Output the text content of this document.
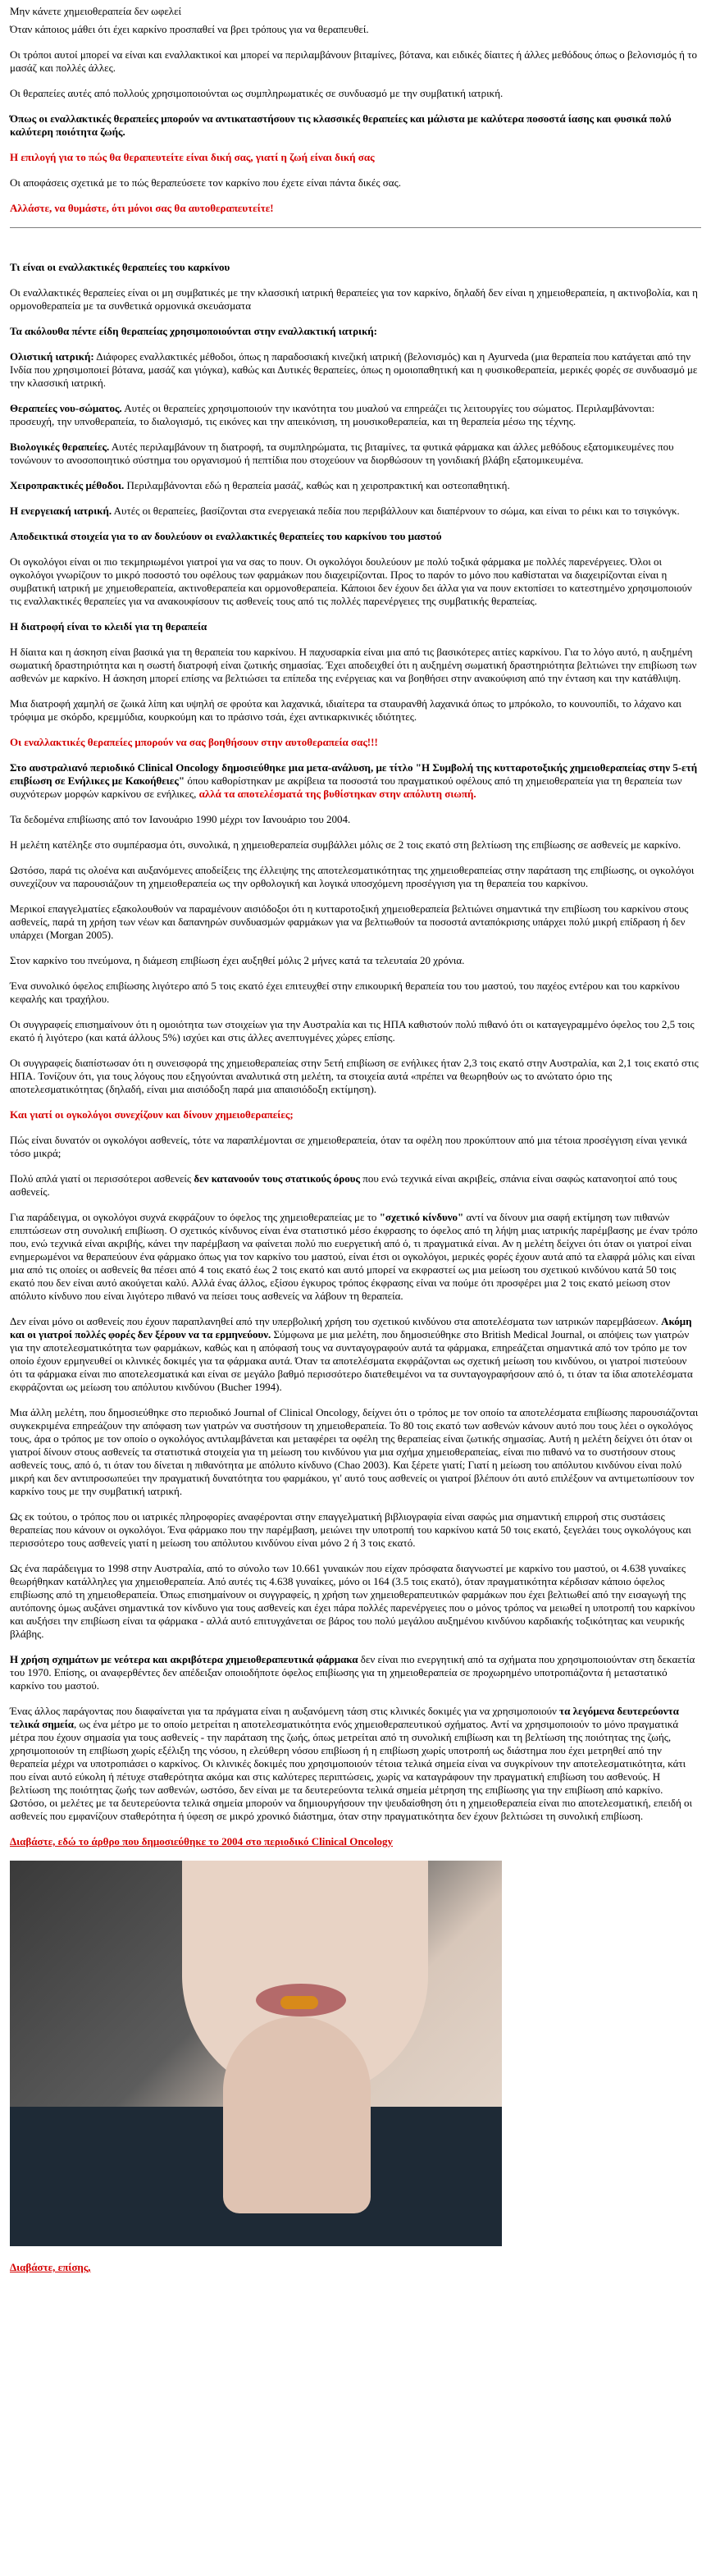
Μην κάνετε χημειοθεραπεία δεν ωφελεί

Όταν κάποιος μάθει ότι έχει καρκίνο προσπαθεί να βρει τρόπους για να θεραπευθεί.

Οι τρόποι αυτοί μπορεί να είναι και εναλλακτικοί και μπορεί να περιλαμβάνουν βιταμίνες, βότανα, και ειδικές δίαιτες ή άλλες μεθόδους όπως ο βελονισμός ή το μασάζ και πολλές άλλες.

Οι θεραπείες αυτές από πολλούς χρησιμοποιούνται ως συμπληρωματικές σε συνδυασμό με την συμβατική ιατρική.

Όπως οι εναλλακτικές θεραπείες μπορούν να αντικαταστήσουν τις κλασσικές θεραπείες και μάλιστα με καλύτερα ποσοστά ίασης και φυσικά πολύ καλύτερη ποιότητα ζωής.

Η επιλογή για το πώς θα θεραπευτείτε είναι δική σας, γιατί η ζωή είναι δική σας

Οι αποφάσεις σχετικά με το πώς θεραπεύσετε τον καρκίνο που έχετε είναι πάντα δικές σας.

Αλλάστε, να θυμάστε, ότι μόνοι σας θα αυτοθεραπευτείτε!

Τι είναι οι εναλλακτικές θεραπείες του καρκίνου

Οι εναλλακτικές θεραπείες είναι οι μη συμβατικές με την κλασσική ιατρική θεραπείες για τον καρκίνο, δηλαδή δεν είναι η χημειοθεραπεία, η ακτινοβολία, και η ορμονοθεραπεία με τα συνθετικά ορμονικά σκευάσματα

Τα ακόλουθα πέντε είδη θεραπείας χρησιμοποιούνται στην εναλλακτική ιατρική:

Ολιστική ιατρική: Διάφορες εναλλακτικές μέθοδοι, όπως η παραδοσιακή κινεζική ιατρική (βελονισμός) και η Ayurveda (μια θεραπεία που κατάγεται από την Ινδία που χρησιμοποιεί βότανα, μασάζ και γιόγκα), καθώς και Δυτικές θεραπείες, όπως η ομοιοπαθητική και η φυσικοθεραπεία, μερικές φορές σε συνδυασμό με την κλασσική ιατρική.

Θεραπείες νου-σώματος. Αυτές οι θεραπείες χρησιμοποιούν την ικανότητα του μυαλού να επηρεάζει τις λειτουργίες του σώματος. Περιλαμβάνονται: προσευχή, την υπνοθεραπεία, το διαλογισμό, τις εικόνες και την απεικόνιση, τη μουσικοθεραπεία, και τη θεραπεία μέσω της τέχνης.

Βιολογικές θεραπείες. Αυτές περιλαμβάνουν τη διατροφή, τα συμπληρώματα, τις βιταμίνες, τα φυτικά φάρμακα και άλλες μεθόδους εξατομικευμένες που τονώνουν το ανοσοποιητικό σύστημα του οργανισμού ή πεπτίδια που στοχεύουν να διορθώσουν τη γονιδιακή βλάβη εξατομικευμένα.

Χειροπρακτικές μέθοδοι. Περιλαμβάνονται εδώ η θεραπεία μασάζ, καθώς και η χειροπρακτική και οστεοπαθητική.

Η ενεργειακή ιατρική. Αυτές οι θεραπείες, βασίζονται στα ενεργειακά πεδία που περιβάλλουν και διαπέρνουν το σώμα, και είναι το ρέικι και το τσιγκόνγκ.

Αποδεικτικά στοιχεία για το αν δουλεύουν οι εναλλακτικές θεραπείες του καρκίνου του μαστού

Οι ογκολόγοι είναι οι πιο τεκμηριωμένοι γιατροί για να σας το πουν. Οι ογκολόγοι δουλεύουν με πολύ τοξικά φάρμακα με πολλές παρενέργειες. Όλοι οι ογκολόγοι γνωρίζουν το μικρό ποσοστό του οφέλους των φαρμάκων που διαχειρίζονται. Προς το παρόν το μόνο που καθίσταται να διαχειρίζονται είναι η συμβατική ιατρική με χημειοθεραπεία, ακτινοθεραπεία και ορμονοθεραπεία. Κάποιοι δεν έχουν δει άλλα για να πουν εκτοπίσει το κατεστημένο χρησιμοποιούν τις εναλλακτικές θεραπείες για να ανακουφίσουν τις ασθενείς τους από τις πολλές παρενέργειες της συμβατικής θεραπείας.

Η διατροφή είναι το κλειδί για τη θεραπεία

Η δίαιτα και η άσκηση είναι βασικά για τη θεραπεία του καρκίνου. Η παχυσαρκία είναι μια από τις βασικότερες αιτίες καρκίνου. Για το λόγο αυτό, η αυξημένη σωματική δραστηριότητα και η σωστή διατροφή είναι ζωτικής σημασίας. Έχει αποδειχθεί ότι η αυξημένη σωματική δραστηριότητα βελτιώνει την επιβίωση των ασθενών με καρκίνο. Η άσκηση μπορεί επίσης να βελτιώσει τα επίπεδα της ενέργειας και να βοηθήσει στην ανακούφιση από την ένταση και την κατάθλιψη.

Μια διατροφή χαμηλή σε ζωικά λίπη και υψηλή σε φρούτα και λαχανικά, ιδιαίτερα τα σταυρανθή λαχανικά όπως το μπρόκολο, το κουνουπίδι, το λάχανο και τρόφιμα με σκόρδο, κρεμμύδια, κουρκούμη και το πράσινο τσάι, έχει αντικαρκινικές ιδιότητες.

Οι εναλλακτικές θεραπείες μπορούν να σας βοηθήσουν στην αυτοθεραπεία σας!!!

Στο αυστραλιανό περιοδικό Clinical Oncology δημοσιεύθηκε μια μετα-ανάλυση, με τίτλο "Η Συμβολή της κυτταροτοξικής χημειοθεραπείας στην 5-ετή επιβίωση σε Ενήλικες με Κακοήθειες" όπου καθορίστηκαν με ακρίβεια τα ποσοστά του πραγματικού οφέλους από τη χημειοθεραπεία για τη θεραπεία των συχνότερων μορφών καρκίνου σε ενήλικες, αλλά τα αποτελέσματά της βυθίστηκαν στην απόλυτη σιωπή.

Τα δεδομένα επιβίωσης από τον Ιανουάριο 1990 μέχρι τον Ιανουάριο του 2004.

Η μελέτη κατέληξε στο συμπέρασμα ότι, συνολικά, η χημειοθεραπεία συμβάλλει μόλις σε 2 τοις εκατό στη βελτίωση της επιβίωσης σε ασθενείς με καρκίνο.

Ωστόσο, παρά τις ολοένα και αυξανόμενες αποδείξεις της έλλειψης της αποτελεσματικότητας της χημειοθεραπείας στην παράταση της επιβίωσης, οι ογκολόγοι συνεχίζουν να παρουσιάζουν τη χημειοθεραπεία ως την ορθολογική και λογικά υποσχόμενη προσέγγιση για τη θεραπεία του καρκίνου.

Μερικοί επαγγελματίες εξακολουθούν να παραμένουν αισιόδοξοι ότι η κυτταροτοξική χημειοθεραπεία βελτιώνει σημαντικά την επιβίωση του καρκίνου στους ασθενείς, παρά τη χρήση των νέων και δαπανηρών συνδυασμών φαρμάκων για να βελτιωθούν τα ποσοστά ανταπόκρισης υπάρχει πολύ μικρή επίδραση ή δεν υπάρχει (Morgan 2005).

Στον καρκίνο του πνεύμονα, η διάμεση επιβίωση έχει αυξηθεί μόλις 2 μήνες κατά τα τελευταία 20 χρόνια.

Ένα συνολικό όφελος επιβίωσης λιγότερο από 5 τοις εκατό έχει επιτευχθεί στην επικουρική θεραπεία του του μαστού, του παχέος εντέρου και του καρκίνου κεφαλής και τραχήλου.

Οι συγγραφείς επισημαίνουν ότι η ομοιότητα των στοιχείων για την Αυστραλία και τις ΗΠΑ καθιστούν πολύ πιθανό ότι οι καταγεγραμμένο όφελος του 2,5 τοις εκατό ή λιγότερο (και κατά άλλους 5%) ισχύει και στις άλλες ανεπτυγμένες χώρες επίσης.

Οι συγγραφείς διαπίστωσαν ότι η συνεισφορά της χημειοθεραπείας στην 5ετή επιβίωση σε ενήλικες ήταν 2,3 τοις εκατό στην Αυστραλία, και 2,1 τοις εκατό στις ΗΠΑ. Τονίζουν ότι, για τους λόγους που εξηγούνται αναλυτικά στη μελέτη, τα στοιχεία αυτά «πρέπει να θεωρηθούν ως το ανώτατο όριο της αποτελεσματικότητας (δηλαδή, είναι μια αισιόδοξη παρά μια απαισιόδοξη εκτίμηση).

Και γιατί οι ογκολόγοι συνεχίζουν και δίνουν χημειοθεραπείες;

Πώς είναι δυνατόν οι ογκολόγοι ασθενείς, τότε να παραπλέμονται σε χημειοθεραπεία, όταν τα οφέλη που προκύπτουν από μια τέτοια προσέγγιση είναι γενικά τόσο μικρά;

Πολύ απλά γιατί οι περισσότεροι ασθενείς δεν κατανοούν τους στατικούς όρους που ενώ τεχνικά είναι ακριβείς, σπάνια είναι σαφώς κατανοητοί από τους ασθενείς.

Για παράδειγμα, οι ογκολόγοι συχνά εκφράζουν το όφελος της χημειοθεραπείας με το "σχετικό κίνδυνο" αντί να δίνουν μια σαφή εκτίμηση των πιθανών επιπτώσεων στη συνολική επιβίωση. Ο σχετικός κίνδυνος είναι ένα στατιστικό μέσο έκφρασης το όφελος από τη λήψη μιας ιατρικής παρέμβασης με έναν τρόπο που, ενώ τεχνικά είναι ακριβής, κάνει την παρέμβαση να φαίνεται πολύ πιο ευεργετική από ό, τι πραγματικά είναι. Αν η μελέτη δείχνει ότι όταν οι γιατροί είναι ενημερωμένοι να θεραπεύουν ένα φάρμακο όπως για τον καρκίνο του μαστού, είναι έτσι οι ογκολόγοι, μερικές φορές έχουν αυτά από τα ελαφρά μόλις και είναι μια από τις οποίες οι ασθενείς θα πέσει από 4 τοις εκατό έως 2 τοις εκατό και αυτό μπορεί να εκφραστεί ως μια μείωση του σχετικού κινδύνου κατά 50 τοις εκατό που δεν είναι αυτό ακούγεται καλύ. Αλλά ένας άλλος, εξίσου έγκυρος τρόπος έκφρασης είναι να πούμε ότι προσφέρει μια 2 τοις εκατό μείωση στον απόλυτο κίνδυνο που είναι λιγότερο πιθανό να πείσει τους ασθενείς να λάβουν τη θεραπεία.

Δεν είναι μόνο οι ασθενείς που έχουν παραπλανηθεί από την υπερβολική χρήση του σχετικού κινδύνου στα αποτελέσματα των ιατρικών παρεμβάσεων. Ακόμη και οι γιατροί πολλές φορές δεν ξέρουν να τα ερμηνεύουν. Σύμφωνα με μια μελέτη, που δημοσιεύθηκε στο British Medical Journal, οι απόψεις των γιατρών για την αποτελεσματικότητα των φαρμάκων, καθώς και η απόφασή τους να συνταγογραφούν αυτά τα φάρμακα, επηρεάζεται σημαντικά από τον τρόπο με τον οποίο έχουν ερμηνευθεί οι κλινικές δοκιμές για τα φάρμακα αυτά. Όταν τα αποτελέσματα εκφράζονται ως σχετική μείωση του κινδύνου, οι γιατροί πιστεύουν ότι τα φάρμακα είναι πιο αποτελεσματικά και είναι σε μεγάλο βαθμό περισσότερο διατεθειμένοι να τα συνταγογραφήσουν από ό, τι όταν τα ίδια αποτελέσματα εκφράζονται ως μείωση του απόλυτου κινδύνου (Bucher 1994).

Μια άλλη μελέτη, που δημοσιεύθηκε στο περιοδικό Journal of Clinical Oncology, δείχνει ότι ο τρόπος με τον οποίο τα αποτελέσματα επιβίωσης παρουσιάζονται συγκεκριμένα επηρεάζουν την απόφαση των γιατρών να συστήσουν τη χημειοθεραπεία. Το 80 τοις εκατό των ασθενών κάνουν αυτό που τους λέει ο ογκολόγος τους, άρα ο τρόπος με τον οποίο ο ογκολόγος αντιλαμβάνεται και μεταφέρει τα οφέλη της θεραπείας είναι ζωτικής σημασίας. Αυτή η μελέτη δείχνει ότι όταν οι γιατροί δίνουν στους ασθενείς τα στατιστικά στοιχεία για τη μείωση του κινδύνου για μια σχήμα χημειοθεραπείας, είναι πιο πιθανό να το συστήσουν στους ασθενείς τους, από ό, τι όταν του δίνεται η πιθανότητα με απόλυτο κίνδυνο (Chao 2003). Και ξέρετε γιατί; Γιατί η μείωση του απόλυτου κινδύνου είναι πολύ μικρή και δεν αντιπροσωπεύει την πραγματική δυνατότητα του φαρμάκου, γι' αυτό τους ασθενείς οι γιατροί βλέπουν ότι αυτό επιλέξουν να αντιμετωπίσουν τον καρκίνο τους με την συμβατική ιατρική.

Ως εκ τούτου, ο τρόπος που οι ιατρικές πληροφορίες αναφέρονται στην επαγγελματική βιβλιογραφία είναι σαφώς μια σημαντική επιρροή στις συστάσεις θεραπείας που κάνουν οι ογκολόγοι. Ένα φάρμακο που την παρέμβαση, μειώνει την υποτροπή του καρκίνου κατά 50 τοις εκατό, ξεγελάει τους ογκολόγους και περισσότερο τους ασθενείς γιατί η μείωση του απόλυτου κινδύνου είναι μόνο 2 ή 3 τοις εκατό.

Ως ένα παράδειγμα το 1998 στην Αυστραλία, από το σύνολο των 10.661 γυναικών που είχαν πρόσφατα διαγνωστεί με καρκίνο του μαστού, οι 4.638 γυναίκες θεωρήθηκαν κατάλληλες για χημειοθεραπεία. Από αυτές τις 4.638 γυναίκες, μόνο οι 164 (3.5 τοις εκατό), όταν πραγματικότητα κέρδισαν κάποιο όφελος επιβίωσης από τη χημειοθεραπεία. Όπως επισημαίνουν οι συγγραφείς, η χρήση των χημειοθεραπευτικών φαρμάκων που έχει βελτιωθεί από την εισαγωγή της αυτόπονης όμως αυξάνει σημαντικά τον κίνδυνο για τους ασθενείς και έχει πάρα πολλές παρενέργειες που ο μόνος τρόπος να μειωθεί η υποτροπή του καρκίνου και αυξήσει την επιβίωση είναι τα φάρμακα - αλλά αυτό επιτυγχάνεται σε βάρος του πολύ μεγάλου αυξημένου κινδύνου καρδιακής τοξικότητας και νευρικής βλάβης.

Η χρήση σχημάτων με νεότερα και ακριβότερα χημειοθεραπευτικά φάρμακα δεν είναι πιο ενεργητική από τα σχήματα που χρησιμοποιούνταν στη δεκαετία του 1970. Επίσης, οι αναφερθέντες δεν απέδειξαν οποιοδήποτε όφελος επιβίωσης για τη χημειοθεραπεία σε προχωρημένο υποτροπιάζοντα ή μεταστατικό καρκίνο του μαστού.

Ένας άλλος παράγοντας που διαφαίνεται για τα πράγματα είναι η αυξανόμενη τάση στις κλινικές δοκιμές για να χρησιμοποιούν τα λεγόμενα δευτερεύοντα τελικά σημεία, ως ένα μέτρο με το οποίο μετρείται η αποτελεσματικότητα ενός χημειοθεραπευτικού σχήματος. Αντί να χρησιμοποιούν το μόνο πραγματικά μέτρα που έχουν σημασία για τους ασθενείς - την παράταση της ζωής, όπως μετρείται από τη συνολική επιβίωση και τη βελτίωση της ποιότητας της ζωής, χρησιμοποιούν τη επιβίωση χωρίς εξέλιξη της νόσου, η ελεύθερη νόσου επιβίωση ή η επιβίωση χωρίς υποτροπή ως διάστημα που έχει μετρηθεί από την θεραπεία μέχρι να υποτροπιάσει ο καρκίνος. Οι κλινικές δοκιμές που χρησιμοποιούν τέτοια τελικά σημεία είναι να συγκρίνουν την αποτελεσματικότητα, κάτι που είναι αυτό εύκολη ή πέτυχε σταθερότητα ακόμα και στις καλύτερες περιπτώσεις, χωρίς να καταγράφουν την πραγματική επιβίωση του ασθενούς. Η βελτίωση της ποιότητας ζωής των ασθενών, ωστόσο, δεν είναι με τα δευτερεύοντα τελικά σημεία μέτρηση της επιβίωσης για την επιβίωση από καρκίνο. Ωστόσο, οι μελέτες με τα δευτερεύοντα τελικά σημεία μπορούν να δημιουργήσουν την ψευδαίσθηση ότι η χημειοθεραπεία είναι πιο αποτελεσματική, επειδή οι ασθενείς που εμφανίζουν σταθερότητα ή ύφεση σε μικρό χρονικό διάστημα, όταν στην πραγματικότητα δεν έχουν βελτιώσει τη συνολική επιβίωση.

Διαβάστε, εδώ το άρθρο που δημοσιεύθηκε το 2004 στο περιοδικό Clinical Oncology

Διαβάστε, επίσης,
